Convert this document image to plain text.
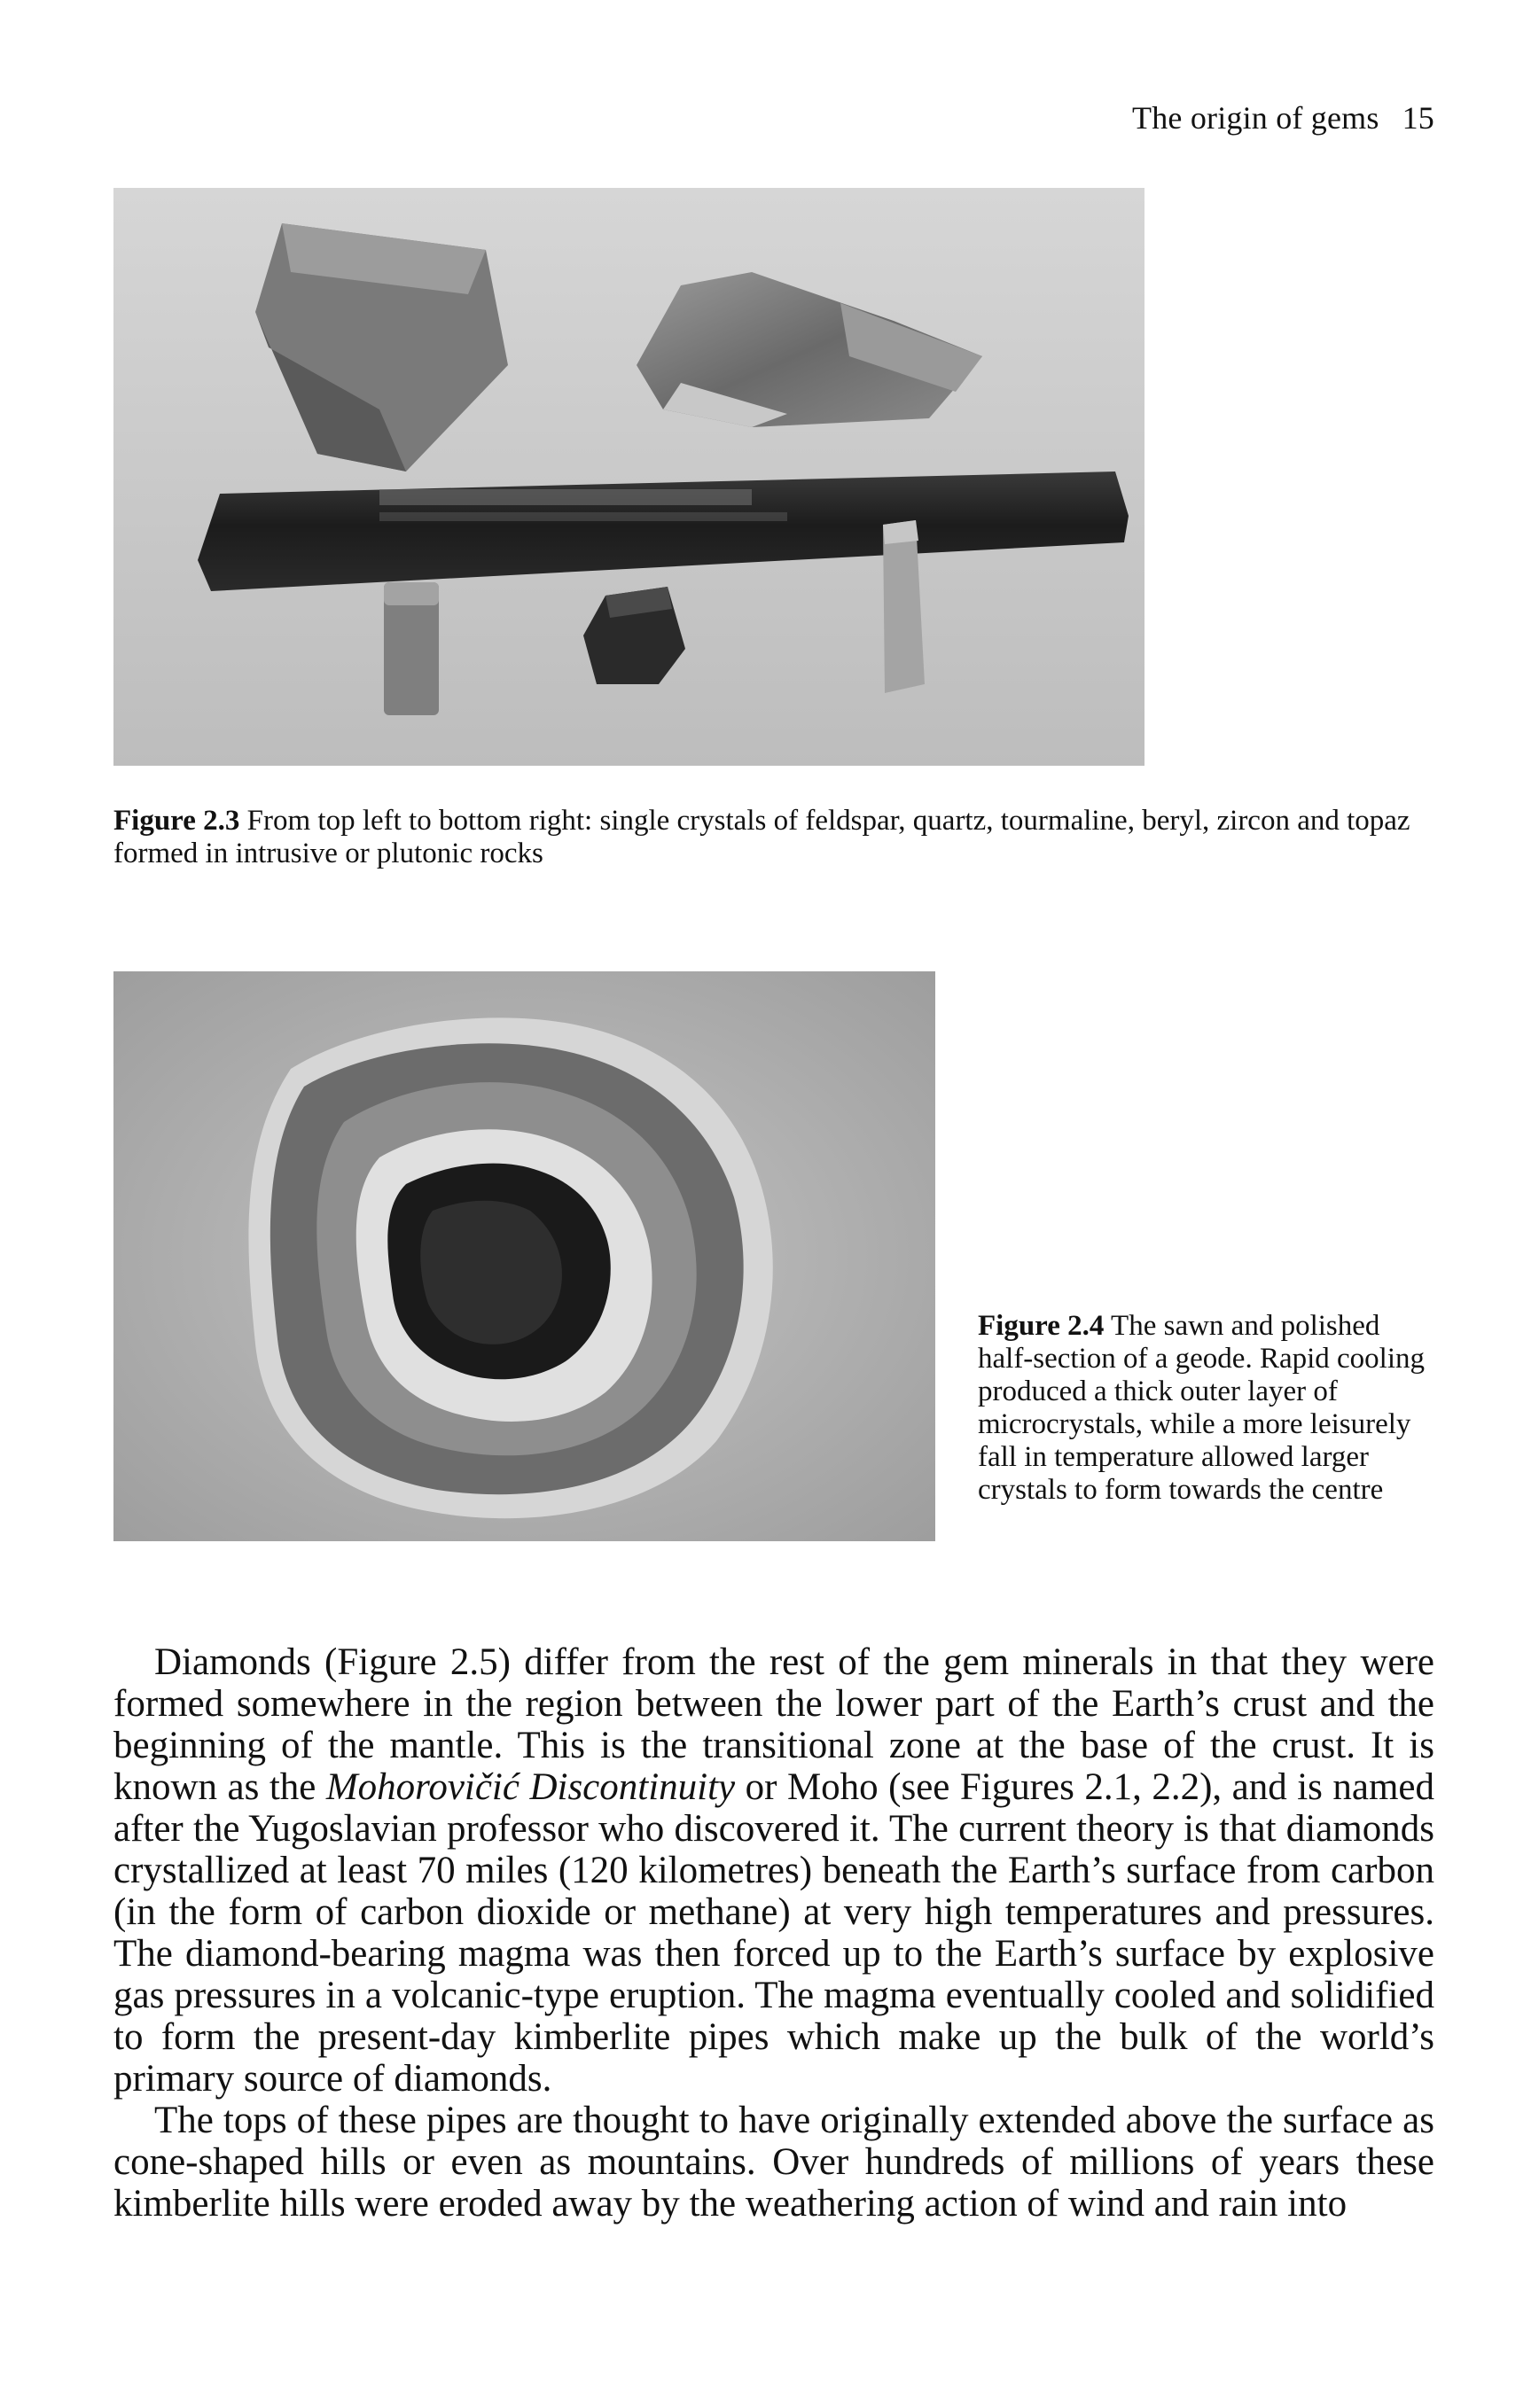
The origin of gems 15
Figure 2.3 From top left to bottom right: single crystals of feldspar, quartz, tourmaline, beryl, zircon and topaz formed in intrusive or plutonic rocks
Figure 2.4 The sawn and polished half-section of a geode. Rapid cooling produced a thick outer layer of microcrystals, while a more leisurely fall in temperature allowed larger crystals to form towards the centre

Diamonds (Figure 2.5) differ from the rest of the gem minerals in that they were formed somewhere in the region between the lower part of the Earth’s crust and the beginning of the mantle. This is the transitional zone at the base of the crust. It is known as the Mohorovičić Discontinuity or Moho (see Figures 2.1, 2.2), and is named after the Yugoslavian professor who discovered it. The current theory is that diamonds crystallized at least 70 miles (120 kilometres) beneath the Earth’s surface from carbon (in the form of carbon dioxide or methane) at very high temperatures and pressures. The diamond-bearing magma was then forced up to the Earth’s surface by explosive gas pressures in a volcanic-type eruption. The magma eventually cooled and solidified to form the present-day kimberlite pipes which make up the bulk of the world’s primary source of diamonds.

The tops of these pipes are thought to have originally extended above the surface as cone-shaped hills or even as mountains. Over hundreds of millions of years these kimberlite hills were eroded away by the weathering action of wind and rain into
